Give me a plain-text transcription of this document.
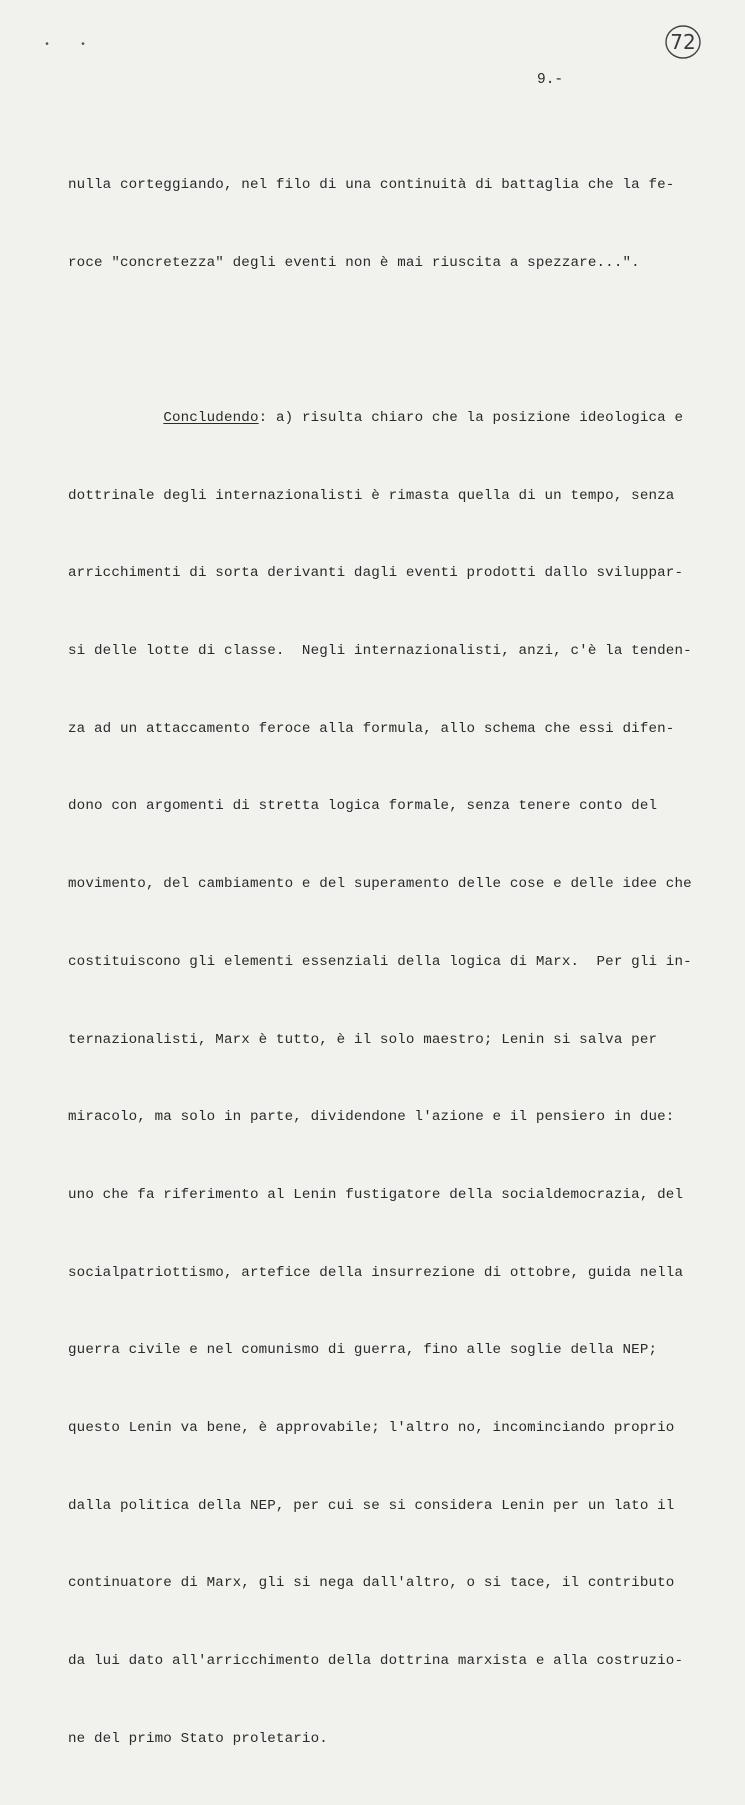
• •	72
9.-

nulla corteggiando, nel filo di una continuità di battaglia che la fe-

roce "concretezza" degli eventi non è mai riuscita a spezzare...".

Concludendo: a) risulta chiaro che la posizione ideologica e

dottrinale degli internazionalisti è rimasta quella di un tempo, senza

arricchimenti di sorta derivanti dagli eventi prodotti dallo sviluppar-

si delle lotte di classe.  Negli internazionalisti, anzi, c'è la tenden-

za ad un attaccamento feroce alla formula, allo schema che essi difen-

dono con argomenti di stretta logica formale, senza tenere conto del

movimento, del cambiamento e del superamento delle cose e delle idee che

costituiscono gli elementi essenziali della logica di Marx.  Per gli in-

ternazionalisti, Marx è tutto, è il solo maestro; Lenin si salva per

miracolo, ma solo in parte, dividendone l'azione e il pensiero in due:

uno che fa riferimento al Lenin fustigatore della socialdemocrazia, del

socialpatriottismo, artefice della insurrezione di ottobre, guida nella

guerra civile e nel comunismo di guerra, fino alle soglie della NEP;

questo Lenin va bene, è approvabile; l'altro no, incominciando proprio

dalla politica della NEP, per cui se si considera Lenin per un lato il

continuatore di Marx, gli si nega dall'altro, o si tace, il contributo

da lui dato all'arricchimento della dottrina marxista e alla costruzio-

ne del primo Stato proletario.
